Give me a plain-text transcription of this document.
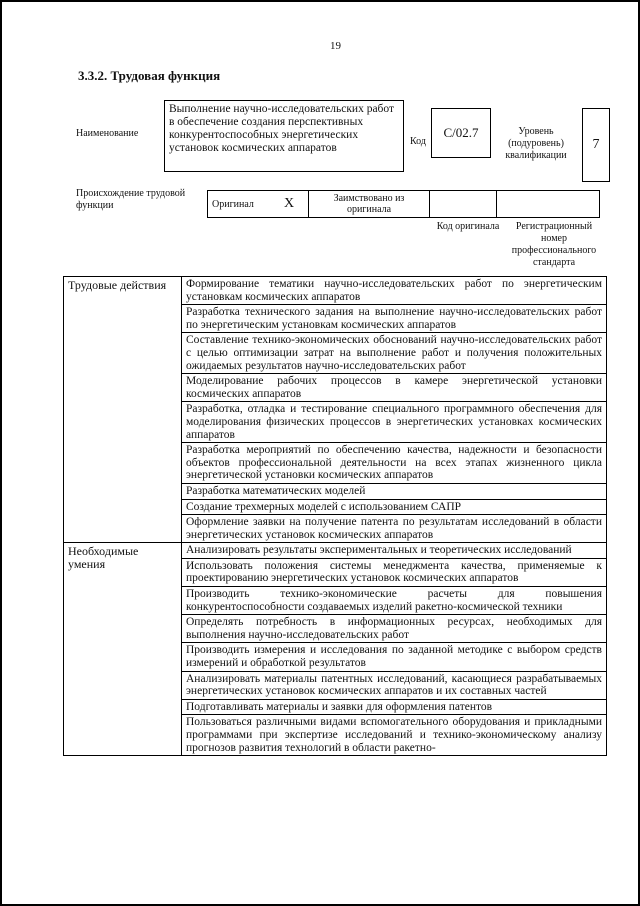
19
3.3.2. Трудовая функция
Наименование
Выполнение научно-исследовательских работ в обеспечение создания перспективных конкурентоспособных энергетических установок космических аппаратов
Код
C/02.7	Уровень (подуровень) квалификации
7
Происхождение трудовой функции	Оригинал	X	Заимствовано из оригинала		
Код оригинала	Регистрационный номер профессионального стандарта
Трудовые действия	Формирование тематики научно-исследовательских работ по энергетическим установкам космических аппаратов
	Разработка технического задания на выполнение научно-исследовательских работ по энергетическим установкам космических аппаратов
	Составление технико-экономических обоснований научно-исследовательских работ с целью оптимизации затрат на выполнение работ и получения положительных ожидаемых результатов научно-исследовательских работ
	Моделирование рабочих процессов в камере энергетической установки космических аппаратов
	Разработка, отладка и тестирование специального программного обеспечения для моделирования физических процессов в энергетических установках космических аппаратов
	Разработка мероприятий по обеспечению качества, надежности и безопасности объектов профессиональной деятельности на всех этапах жизненного цикла энергетической установки космических аппаратов
	Разработка математических моделей
	Создание трехмерных моделей с использованием САПР
	Оформление заявки на получение патента по результатам исследований в области энергетических установок космических аппаратов
Необходимые умения	Анализировать результаты экспериментальных и теоретических исследований
	Использовать положения системы менеджмента качества, применяемые к проектированию энергетических установок космических аппаратов
	Производить технико-экономические расчеты для повышения конкурентоспособности создаваемых изделий ракетно-космической техники
	Определять потребность в информационных ресурсах, необходимых для выполнения научно-исследовательских работ
	Производить измерения и исследования по заданной методике с выбором средств измерений и обработкой результатов
	Анализировать материалы патентных исследований, касающиеся разрабатываемых энергетических установок космических аппаратов и их составных частей
	Подготавливать материалы и заявки для оформления патентов
	Пользоваться различными видами вспомогательного оборудования и прикладными программами при экспертизе исследований и технико-экономическому анализу прогнозов развития технологий в области ракетно-
